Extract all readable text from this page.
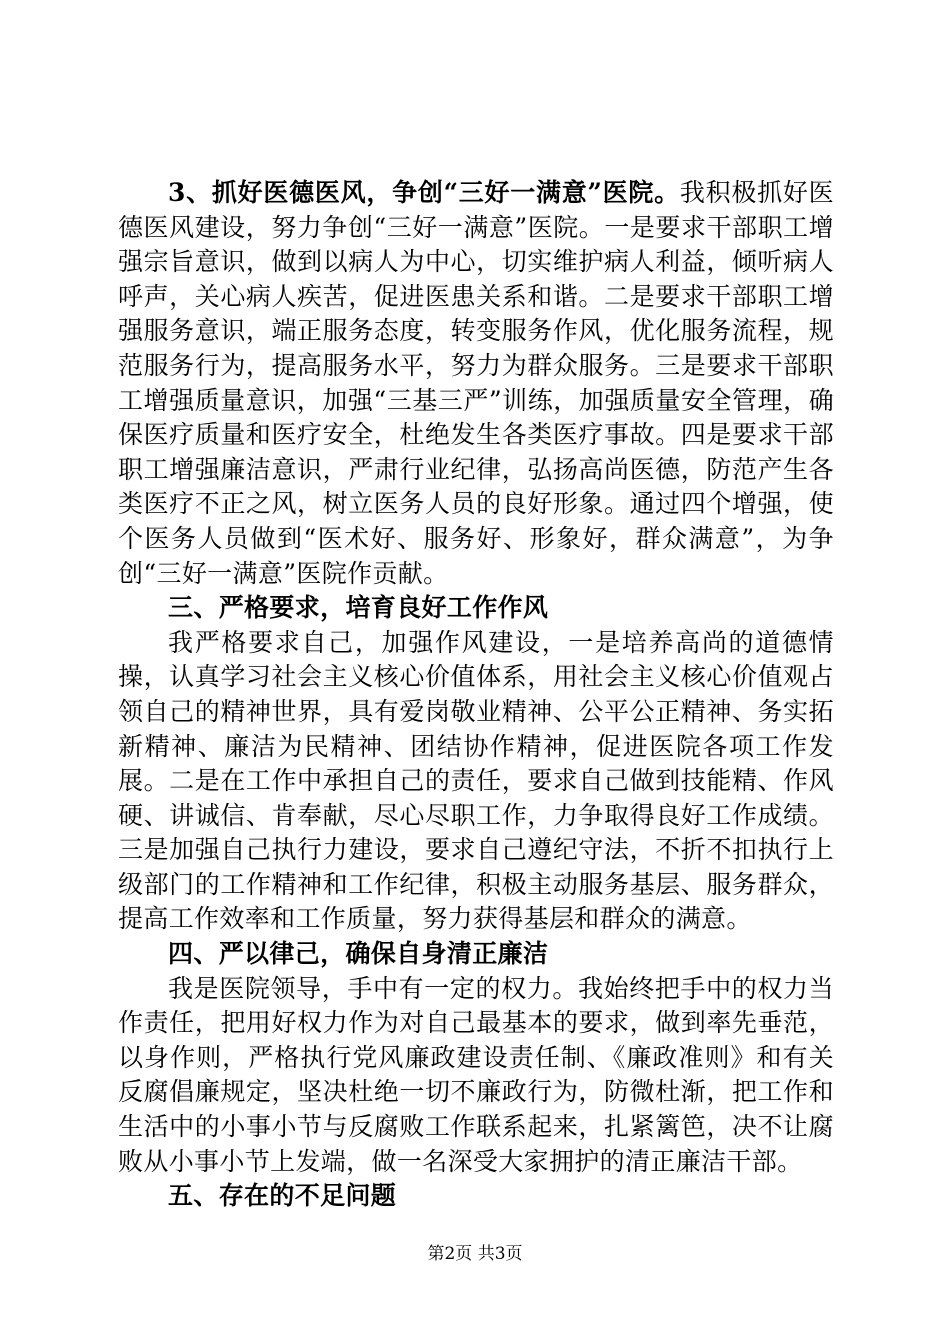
3、抓好医德医风，争创“三好一满意”医院。我积极抓好医德医风建设，努力争创“三好一满意”医院。一是要求干部职工增强宗旨意识，做到以病人为中心，切实维护病人利益，倾听病人呼声，关心病人疾苦，促进医患关系和谐。二是要求干部职工增强服务意识，端正服务态度，转变服务作风，优化服务流程，规范服务行为，提高服务水平，努力为群众服务。三是要求干部职工增强质量意识，加强“三基三严”训练，加强质量安全管理，确保医疗质量和医疗安全，杜绝发生各类医疗事故。四是要求干部职工增强廉洁意识，严肃行业纪律，弘扬高尚医德，防范产生各类医疗不正之风，树立医务人员的良好形象。通过四个增强，使个医务人员做到“医术好、服务好、形象好，群众满意”，为争创“三好一满意”医院作贡献。

三、严格要求，培育良好工作作风

我严格要求自己，加强作风建设，一是培养高尚的道德情操，认真学习社会主义核心价值体系，用社会主义核心价值观占领自己的精神世界，具有爱岗敬业精神、公平公正精神、务实拓新精神、廉洁为民精神、团结协作精神，促进医院各项工作发展。二是在工作中承担自己的责任，要求自己做到技能精、作风硬、讲诚信、肯奉献，尽心尽职工作，力争取得良好工作成绩。三是加强自己执行力建设，要求自己遵纪守法，不折不扣执行上级部门的工作精神和工作纪律，积极主动服务基层、服务群众，提高工作效率和工作质量，努力获得基层和群众的满意。

四、严以律己，确保自身清正廉洁

我是医院领导，手中有一定的权力。我始终把手中的权力当作责任，把用好权力作为对自己最基本的要求，做到率先垂范，以身作则，严格执行党风廉政建设责任制、《廉政准则》和有关反腐倡廉规定，坚决杜绝一切不廉政行为，防微杜渐，把工作和生活中的小事小节与反腐败工作联系起来，扎紧篱笆，决不让腐败从小事小节上发端，做一名深受大家拥护的清正廉洁干部。

五、存在的不足问题

第2页 共3页
